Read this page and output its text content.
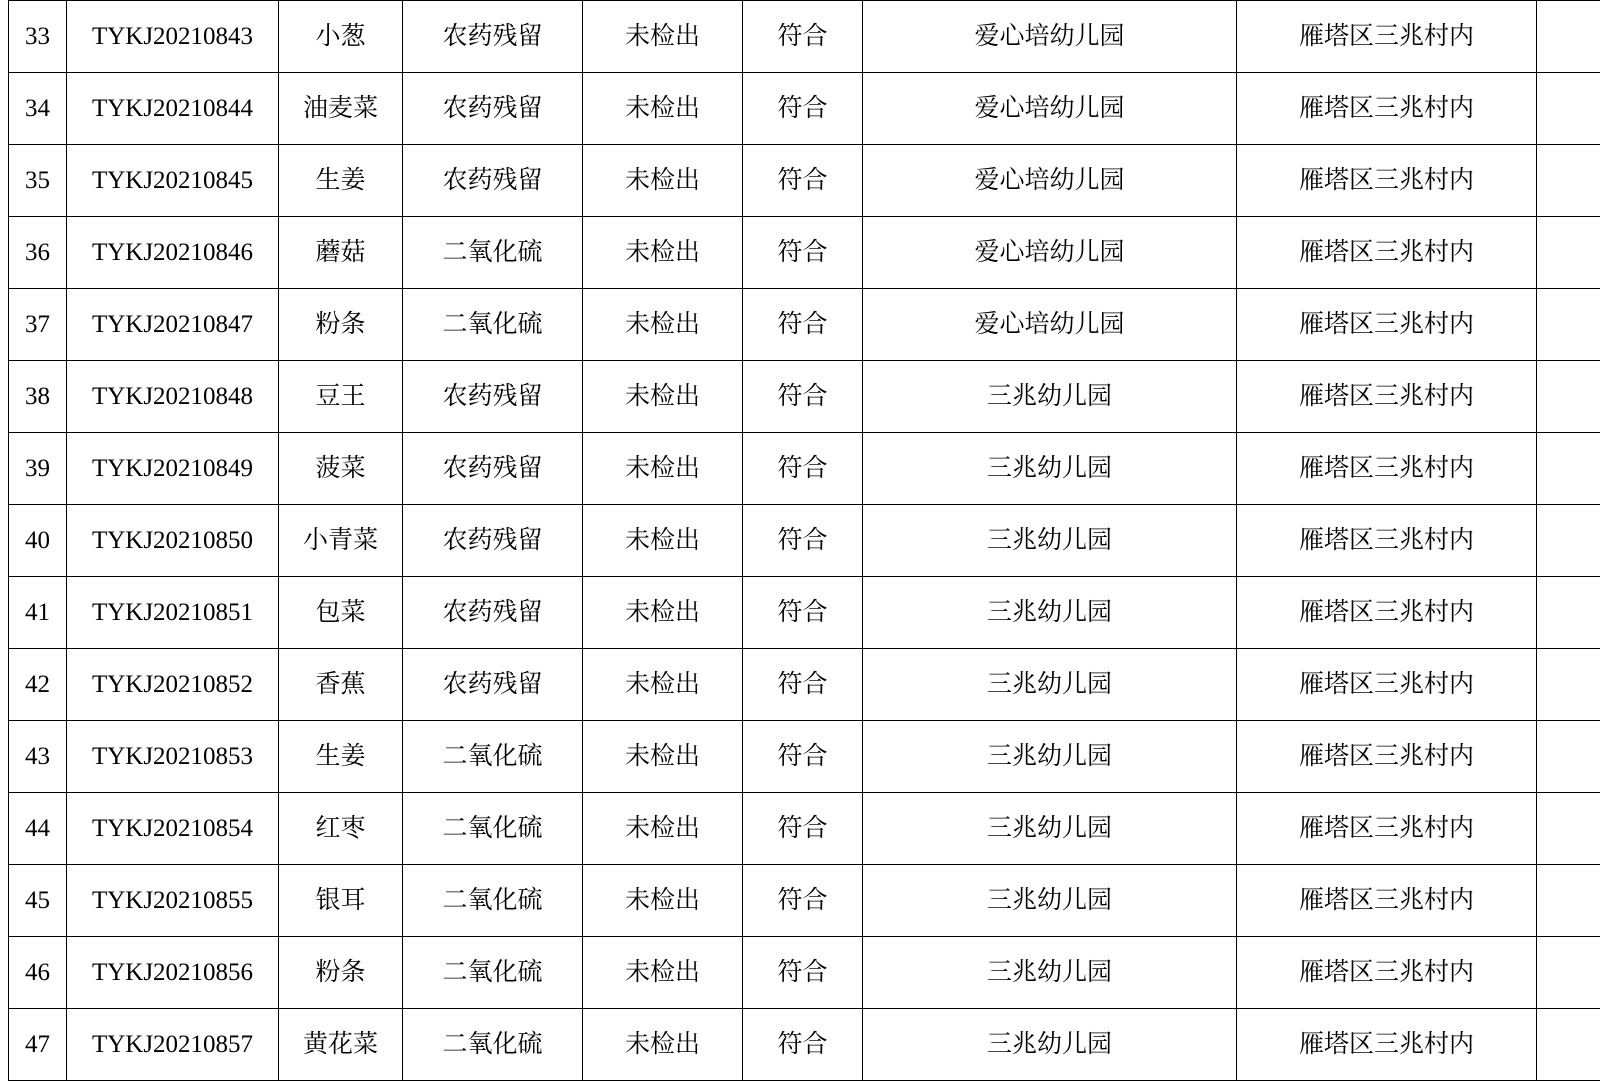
33	TYKJ20210843	小葱	农药残留	未检出	符合	爱心培幼儿园	雁塔区三兆村内	
34	TYKJ20210844	油麦菜	农药残留	未检出	符合	爱心培幼儿园	雁塔区三兆村内	
35	TYKJ20210845	生姜	农药残留	未检出	符合	爱心培幼儿园	雁塔区三兆村内	
36	TYKJ20210846	蘑菇	二氧化硫	未检出	符合	爱心培幼儿园	雁塔区三兆村内	
37	TYKJ20210847	粉条	二氧化硫	未检出	符合	爱心培幼儿园	雁塔区三兆村内	
38	TYKJ20210848	豆王	农药残留	未检出	符合	三兆幼儿园	雁塔区三兆村内	
39	TYKJ20210849	菠菜	农药残留	未检出	符合	三兆幼儿园	雁塔区三兆村内	
40	TYKJ20210850	小青菜	农药残留	未检出	符合	三兆幼儿园	雁塔区三兆村内	
41	TYKJ20210851	包菜	农药残留	未检出	符合	三兆幼儿园	雁塔区三兆村内	
42	TYKJ20210852	香蕉	农药残留	未检出	符合	三兆幼儿园	雁塔区三兆村内	
43	TYKJ20210853	生姜	二氧化硫	未检出	符合	三兆幼儿园	雁塔区三兆村内	
44	TYKJ20210854	红枣	二氧化硫	未检出	符合	三兆幼儿园	雁塔区三兆村内	
45	TYKJ20210855	银耳	二氧化硫	未检出	符合	三兆幼儿园	雁塔区三兆村内	
46	TYKJ20210856	粉条	二氧化硫	未检出	符合	三兆幼儿园	雁塔区三兆村内	
47	TYKJ20210857	黄花菜	二氧化硫	未检出	符合	三兆幼儿园	雁塔区三兆村内	
